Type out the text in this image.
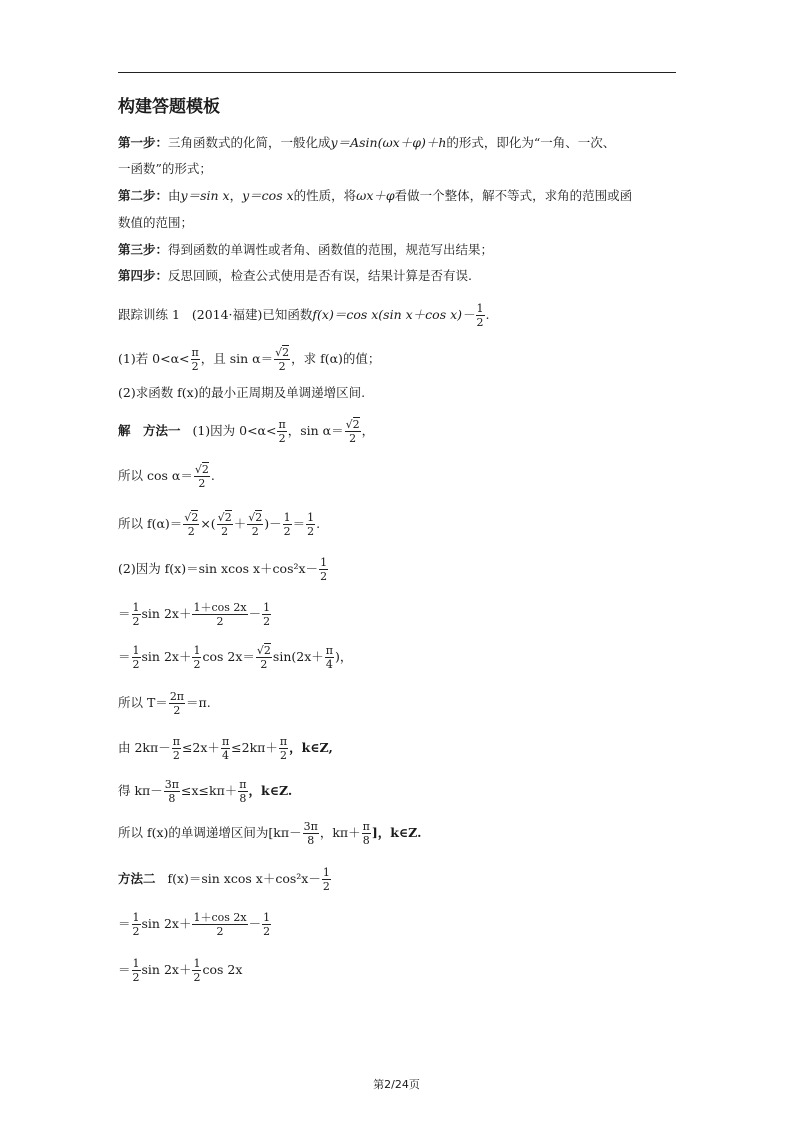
构建答题模板
第一步：三角函数式的化简，一般化成y＝Asin(ωx＋φ)＋h的形式，即化为“一角、一次、
一函数”的形式；
第二步：由y＝sin x，y＝cos x的性质，将ωx＋φ看做一个整体，解不等式，求角的范围或函
数值的范围；
第三步：得到函数的单调性或者角、函数值的范围，规范写出结果；
第四步：反思回顾，检查公式使用是否有误，结果计算是否有误.
跟踪训练 1 (2014·福建)已知函数f(x)＝cos x(sin x＋cos $x)- \frac{1}{2}$ .
(1)若 $0<\alpha< \frac{\pi}{2}$ ，且 sin α＝ √ $\frac{2}{2}$ ，求 f(α)的值；
(2)求函数 f(x)的最小正周期及单调递增区间.
解　方法一 (1)因为 $0<\alpha< \frac{\pi}{2}$ ，sin α＝ √ $\frac{2}{2}$ ，
所以 cos α＝ √ $\frac{2}{2}$ .
所以 f(α)＝ √ $\frac{2}{2}$ ×( √ $\frac{2}{2}$ ＋ √ $\frac{2}{2}$ )－ $\frac{1}{2} = \frac{1}{2}$ .
(2)因为 f(x)＝sin xcos $x+\cos^2x- \frac{1}{2}$
＝ $\frac{1}{2}$ $\sin 2x+ \frac{1+\cos 2x}{2} - \frac{1}{2}$
＝ $\frac{1}{2}$ $\sin 2x+ \frac{1}{2}$ cos 2x＝ √ $\frac{2}{2} \sin(2x+ \frac{\pi}{4}$ )，
所以 $T= \frac{2\pi}{2} =\pi$.
由 $2k\pi- \frac{\pi}{2} \le 2x+ \frac{\pi}{4} \le 2k\pi+ \frac{\pi}{2}$ ，k∈Z,
得 $k\pi- \frac{3\pi}{8} \le x\le k\pi+ \frac{\pi}{8}$ ，k∈Z.
所以 f(x)的单调递增区间为[$k\pi- \frac{3\pi}{8}$ ，$k\pi+ \frac{\pi}{8}$ ]，k∈Z.
方法二 f(x)＝sin xcos $x+\cos^2x- \frac{1}{2}$
＝ $\frac{1}{2}$ $\sin 2x+ \frac{1+\cos 2x}{2} - \frac{1}{2}$
＝ $\frac{1}{2}$ $\sin 2x+ \frac{1}{2}$ cos 2x
第2/24页
